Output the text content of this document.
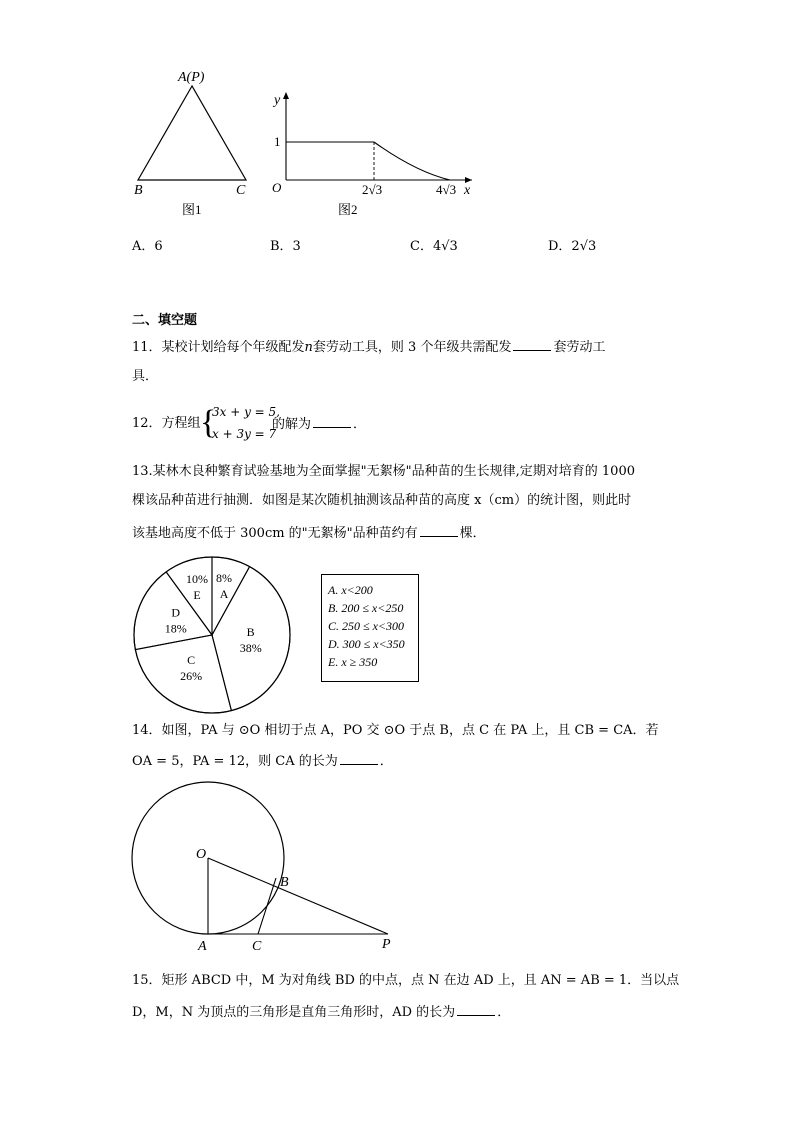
A(P)
B	C
图1
y
1
O	x
2√3	4√3
图2
A．6	B．3	C．4√3	D．2√3
二、填空题
11．某校计划给每个年级配发n套劳动工具，则 3 个年级共需配发	套劳动工
具．
12．方程组 {
3x + y = 5,
x + 3y = 7
的解为	．
13.某林木良种繁育试验基地为全面掌握"无絮杨"品种苗的生长规律,定期对培育的 1000
棵该品种苗进行抽测．如图是某次随机抽测该品种苗的高度 x（cm）的统计图，则此时
该基地高度不低于 300cm 的"无絮杨"品种苗约有	棵．
A
8%
B
38%
C
26%
D
18%
E
10%
A. x<200
B. 200 ≤ x<250
C. 250 ≤ x<300
D. 300 ≤ x<350
E. x ≥ 350
14．如图，PA 与 ⊙O 相切于点 A，PO 交 ⊙O 于点 B，点 C 在 PA 上，且 CB = CA．若
OA = 5，PA = 12，则 CA 的长为	．
O
B
A	C	P
15．矩形 ABCD 中，M 为对角线 BD 的中点，点 N 在边 AD 上，且 AN = AB = 1．当以点
D，M，N 为顶点的三角形是直角三角形时，AD 的长为	．
